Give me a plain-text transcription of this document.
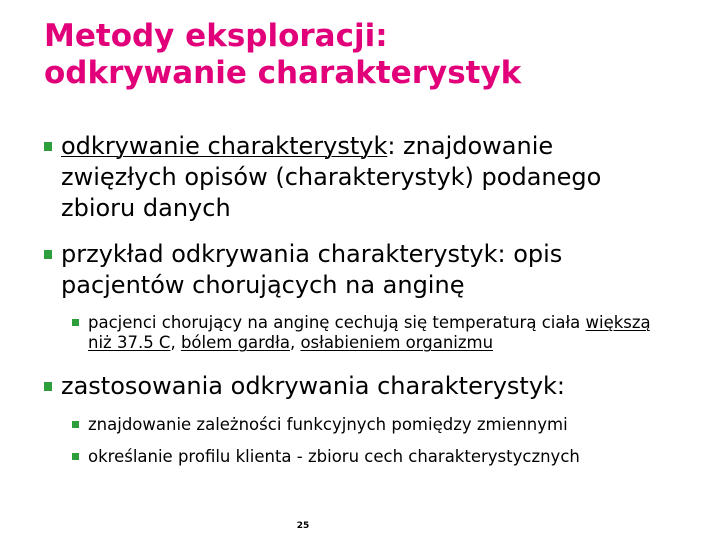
Metody eksploracji:
odkrywanie charakterystyk
odkrywanie charakterystyk: znajdowanie
zwięzłych opisów (charakterystyk) podanego
zbioru danych
przykład odkrywania charakterystyk: opis
pacjentów chorujących na anginę
pacjenci chorujący na anginę cechują się temperaturą ciała większą
niż 37.5 C, bólem gardła, osłabieniem organizmu
zastosowania odkrywania charakterystyk:
znajdowanie zależności funkcyjnych pomiędzy zmiennymi
określanie profilu klienta - zbioru cech charakterystycznych
25
